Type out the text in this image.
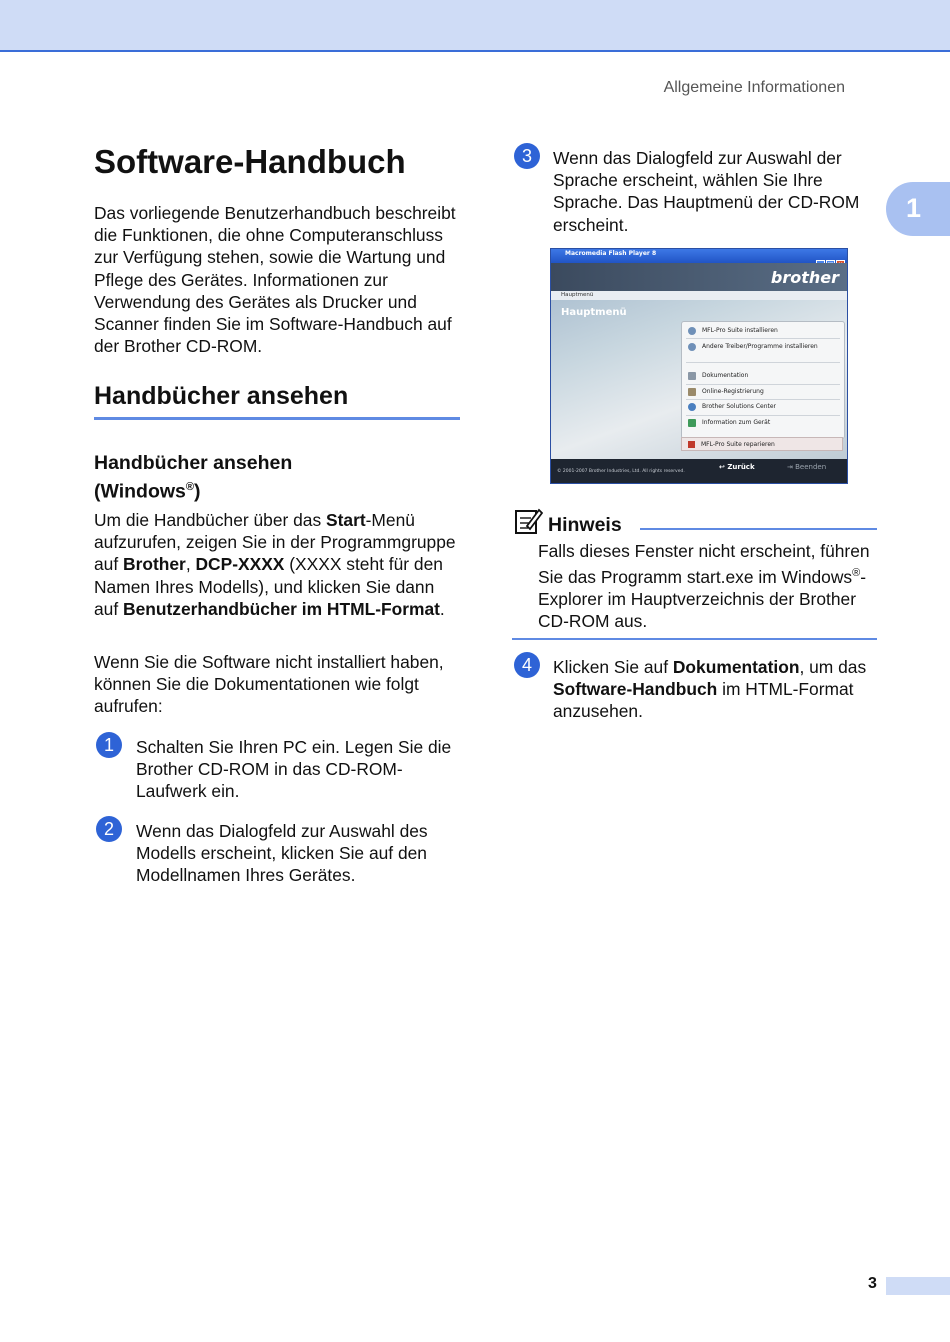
Allgemeine Informationen
1
Software-Handbuch

Das vorliegende Benutzerhandbuch beschreibt die Funktionen, die ohne Computeranschluss zur Verfügung stehen, sowie die Wartung und Pflege des Gerätes. Informationen zur Verwendung des Gerätes als Drucker und Scanner finden Sie im Software-Handbuch auf der Brother CD-ROM.

Handbücher ansehen
Handbücher ansehen
(Windows®)

Um die Handbücher über das Start-Menü aufzurufen, zeigen Sie in der Programmgruppe auf Brother, DCP-XXXX (XXXX steht für den Namen Ihres Modells), und klicken Sie dann auf Benutzerhandbücher im HTML-Format.

Wenn Sie die Software nicht installiert haben, können Sie die Dokumentationen wie folgt aufrufen:

1	Schalten Sie Ihren PC ein. Legen Sie die Brother CD-ROM in das CD-ROM-Laufwerk ein.
2	Wenn das Dialogfeld zur Auswahl des Modells erscheint, klicken Sie auf den Modellnamen Ihres Gerätes.
3	Wenn das Dialogfeld zur Auswahl der Sprache erscheint, wählen Sie Ihre Sprache. Das Hauptmenü der CD-ROM erscheint.
Macromedia Flash Player 8
brother
Hauptmenü
Hauptmenü
MFL-Pro Suite installieren
Andere Treiber/Programme installieren
Dokumentation
Online-Registrierung
Brother Solutions Center
Information zum Gerät
MFL-Pro Suite reparieren
© 2001-2007 Brother Industries, Ltd. All rights reserved.
↩ Zurück	⇥ Beenden
Hinweis
Falls dieses Fenster nicht erscheint, führen Sie das Programm start.exe im Windows®-Explorer im Hauptverzeichnis der Brother CD-ROM aus.
4	Klicken Sie auf Dokumentation, um das Software-Handbuch im HTML-Format anzusehen.
3
